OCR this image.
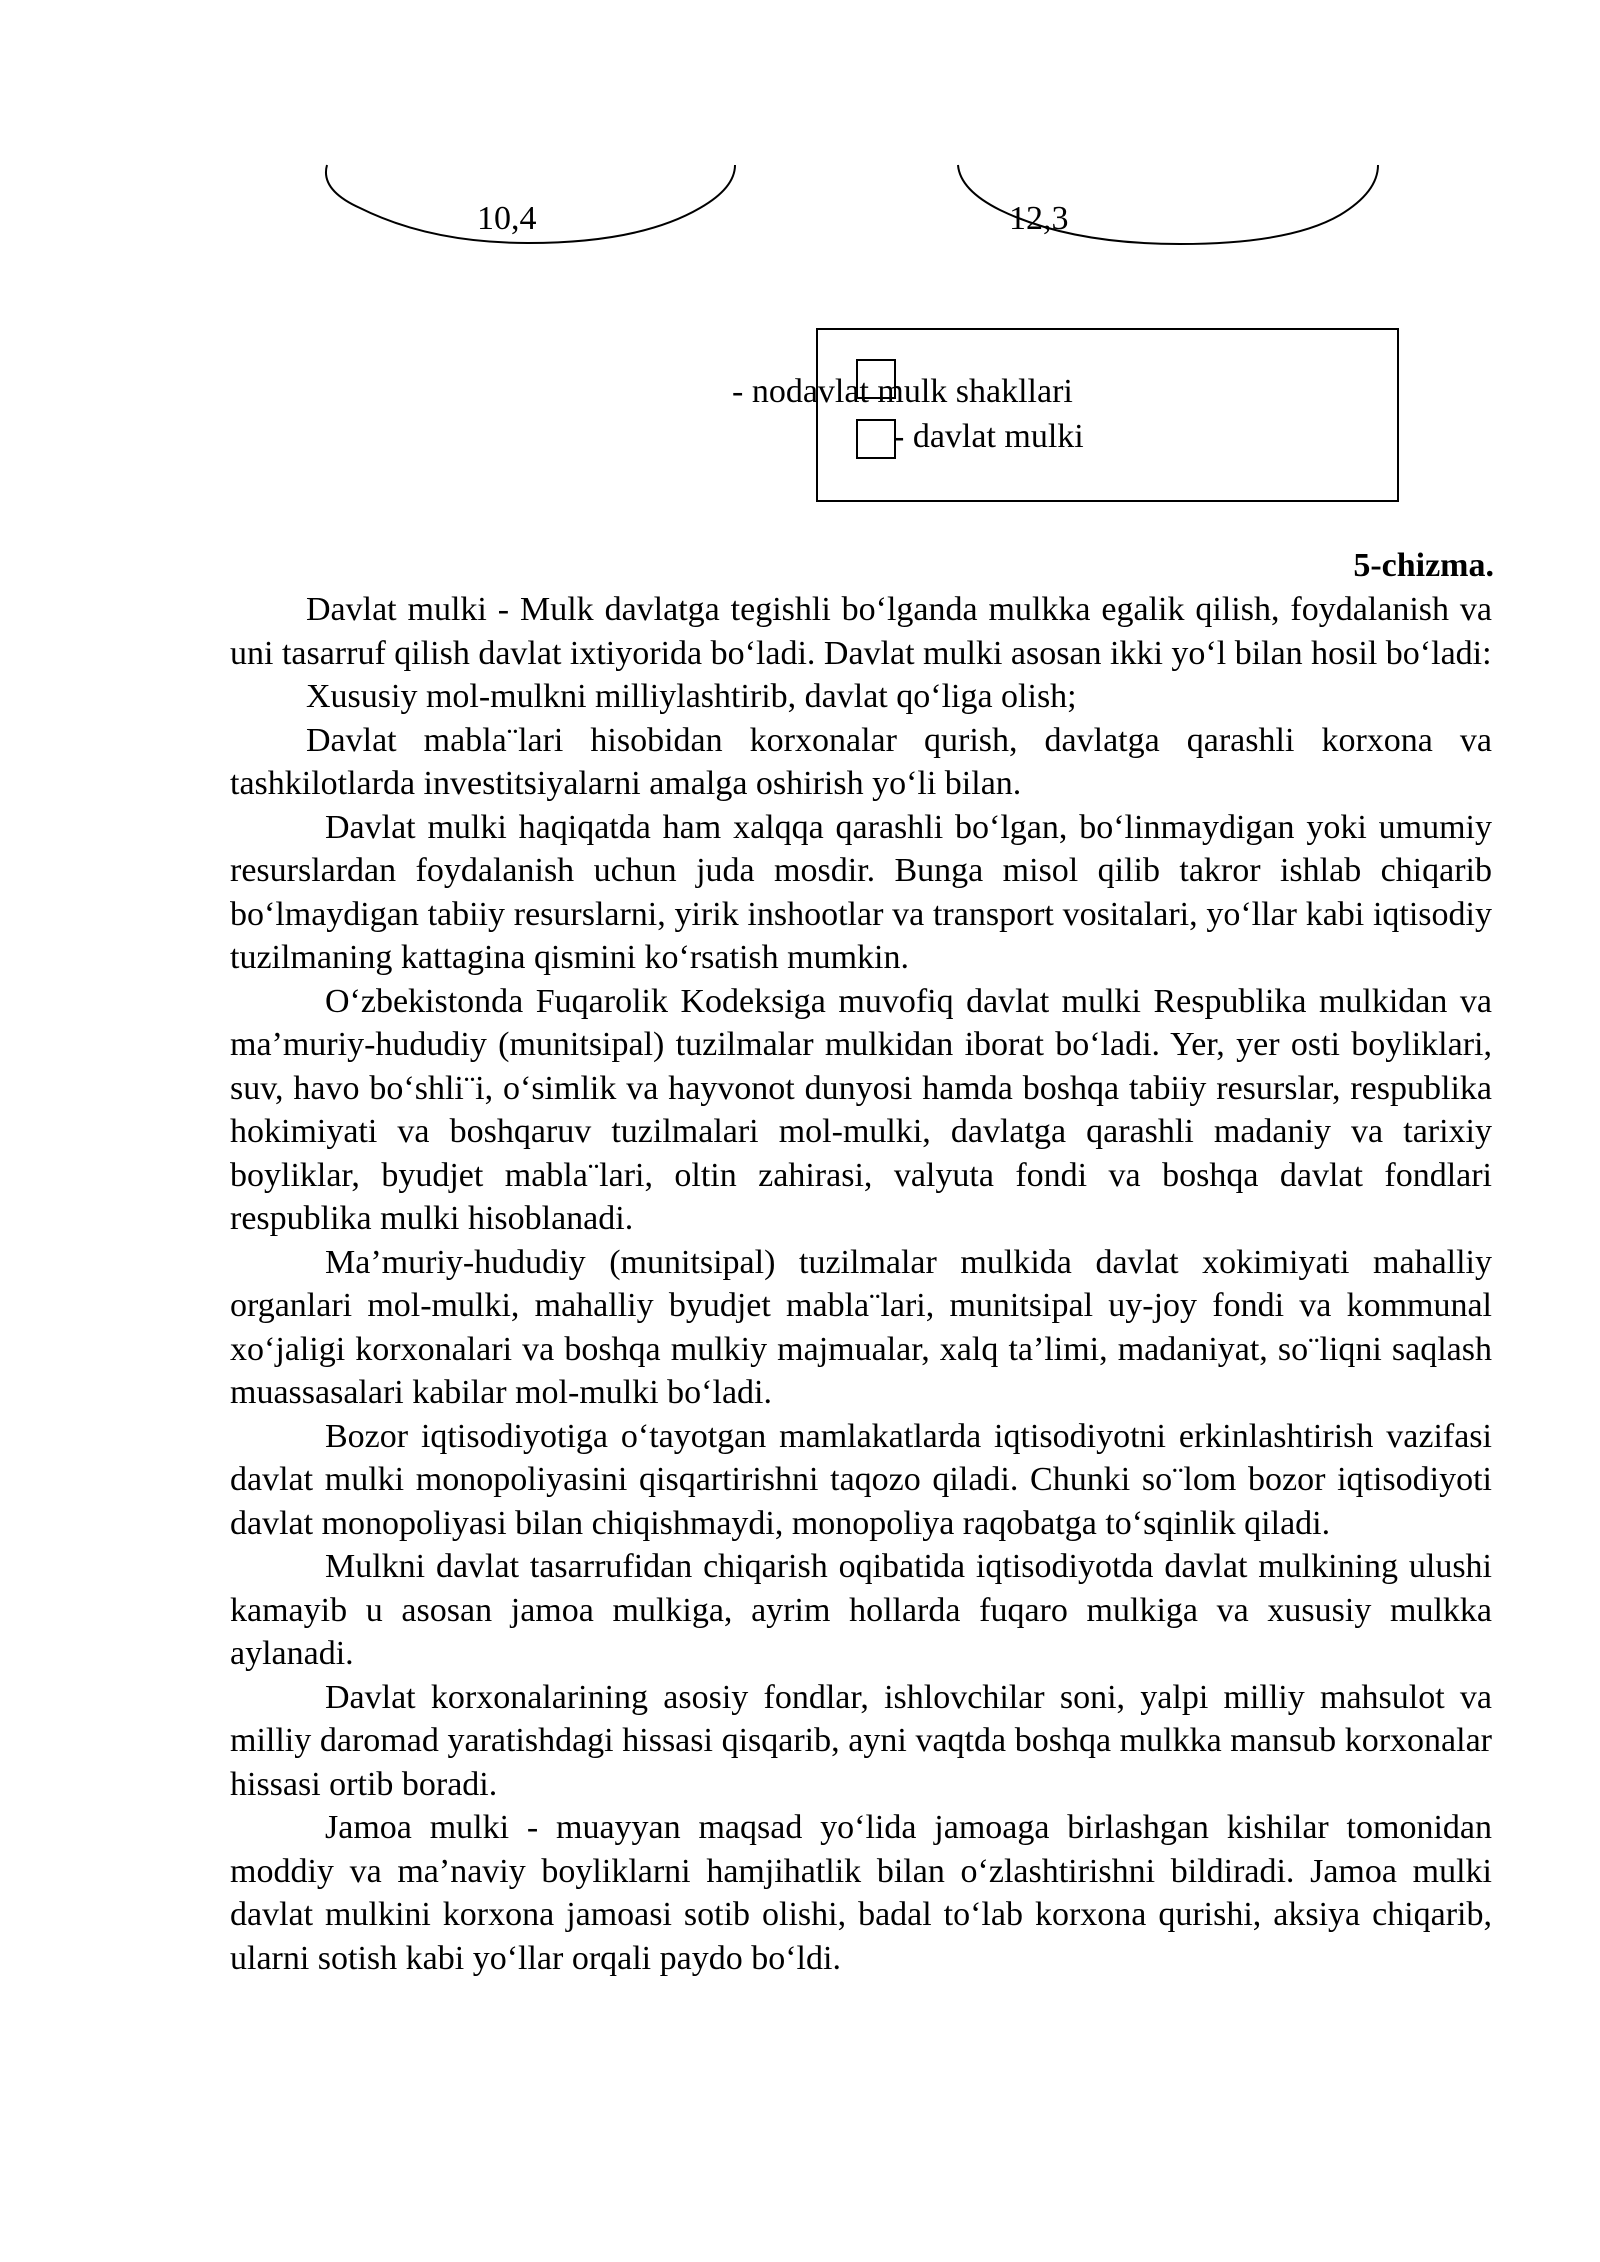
10,4	12,3
- nodavlat mulk shakllari
- davlat mulki
5-chizma.

Davlat mulki - Mulk davlatga tegishli bo‘lganda mulkka egalik qilish, foydalanish va uni tasarruf qilish davlat ixtiyorida bo‘ladi. Davlat mulki asosan ikki yo‘l bilan hosil bo‘ladi:

Xususiy mol-mulkni milliylashtirib, davlat qo‘liga olish;

Davlat mabla¨lari hisobidan korxonalar qurish, davlatga qarashli korxona va tashkilotlarda investitsiyalarni amalga oshirish yo‘li bilan.

Davlat mulki haqiqatda ham xalqqa qarashli bo‘lgan, bo‘linmaydigan yoki umumiy resurslardan foydalanish uchun juda mosdir. Bunga misol qilib takror ishlab chiqarib bo‘lmaydigan tabiiy resurslarni, yirik inshootlar va transport vositalari, yo‘llar kabi iqtisodiy tuzilmaning kattagina qismini ko‘rsatish mumkin.

O‘zbekistonda Fuqarolik Kodeksiga muvofiq davlat mulki Respublika mulkidan va ma’muriy-hududiy (munitsipal) tuzilmalar mulkidan iborat bo‘ladi. Yer, yer osti boyliklari, suv, havo bo‘shli¨i, o‘simlik va hayvonot dunyosi hamda boshqa tabiiy resurslar, respublika hokimiyati va boshqaruv tuzilmalari mol-mulki, davlatga qarashli madaniy va tarixiy boyliklar, byudjet mabla¨lari, oltin zahirasi, valyuta fondi va boshqa davlat fondlari respublika mulki hisoblanadi.

Ma’muriy-hududiy (munitsipal) tuzilmalar mulkida davlat xokimiyati mahalliy organlari mol-mulki, mahalliy byudjet mabla¨lari, munitsipal uy-joy fondi va kommunal xo‘jaligi korxonalari va boshqa mulkiy majmualar, xalq ta’limi, madaniyat, so¨liqni saqlash muassasalari kabilar mol-mulki bo‘ladi.

Bozor iqtisodiyotiga o‘tayotgan mamlakatlarda iqtisodiyotni erkinlashtirish vazifasi davlat mulki monopoliyasini qisqartirishni taqozo qiladi. Chunki so¨lom bozor iqtisodiyoti davlat monopoliyasi bilan chiqishmaydi, monopoliya raqobatga to‘sqinlik qiladi.

Mulkni davlat tasarrufidan chiqarish oqibatida iqtisodiyotda davlat mulkining ulushi kamayib u asosan jamoa mulkiga, ayrim hollarda fuqaro mulkiga va xususiy mulkka aylanadi.

Davlat korxonalarining asosiy fondlar, ishlovchilar soni, yalpi milliy mahsulot va milliy daromad yaratishdagi hissasi qisqarib, ayni vaqtda boshqa mulkka mansub korxonalar hissasi ortib boradi.

Jamoa mulki - muayyan maqsad yo‘lida jamoaga birlashgan kishilar tomonidan moddiy va ma’naviy boyliklarni hamjihatlik bilan o‘zlashtirishni bildiradi. Jamoa mulki davlat mulkini korxona jamoasi sotib olishi, badal to‘lab korxona qurishi, aksiya chiqarib, ularni sotish kabi yo‘llar orqali paydo bo‘ldi.
